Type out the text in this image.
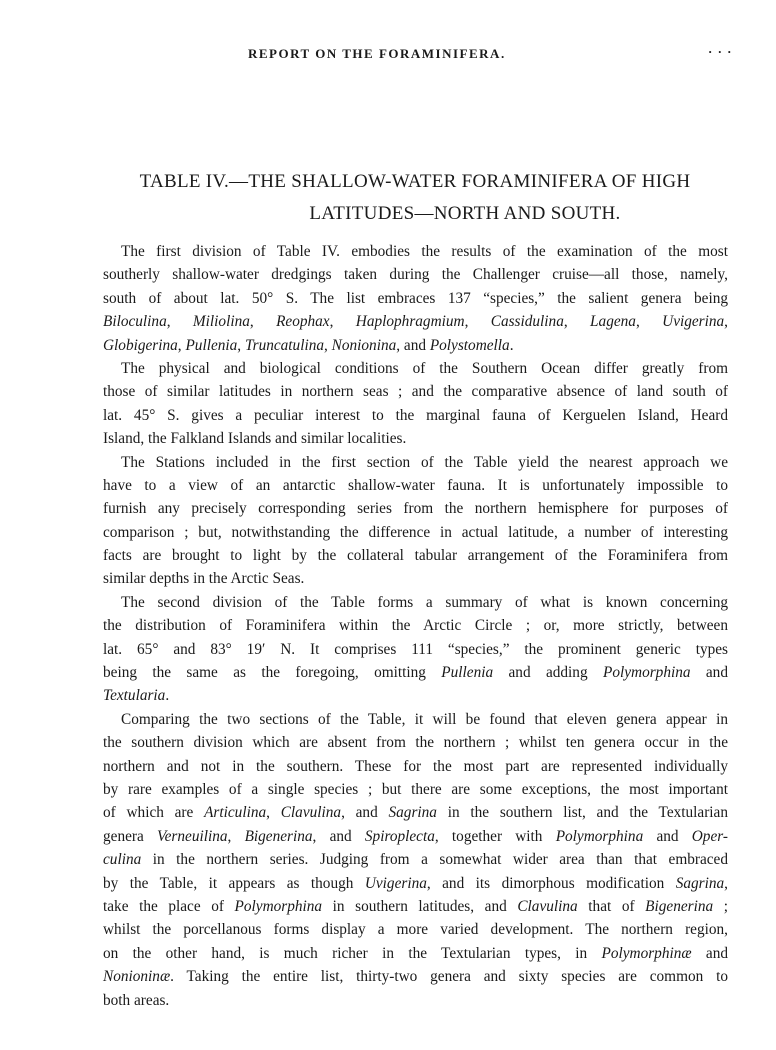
REPORT ON THE FORAMINIFERA.	· · ·
TABLE IV.—THE SHALLOW-WATER FORAMINIFERA OF HIGH
LATITUDES—NORTH AND SOUTH.
The first division of Table IV. embodies the results of the examination of the most
southerly shallow-water dredgings taken during the Challenger cruise—all those, namely,
south of about lat. 50° S. The list embraces 137 “species,” the salient genera being
Biloculina, Miliolina, Reophax, Haplophragmium, Cassidulina, Lagena, Uvigerina,
Globigerina, Pullenia, Truncatulina, Nonionina, and Polystomella.
The physical and biological conditions of the Southern Ocean differ greatly from
those of similar latitudes in northern seas ; and the comparative absence of land south of
lat. 45° S. gives a peculiar interest to the marginal fauna of Kerguelen Island, Heard
Island, the Falkland Islands and similar localities.
The Stations included in the first section of the Table yield the nearest approach we
have to a view of an antarctic shallow-water fauna. It is unfortunately impossible to
furnish any precisely corresponding series from the northern hemisphere for purposes of
comparison ; but, notwithstanding the difference in actual latitude, a number of interesting
facts are brought to light by the collateral tabular arrangement of the Foraminifera from
similar depths in the Arctic Seas.
The second division of the Table forms a summary of what is known concerning
the distribution of Foraminifera within the Arctic Circle ; or, more strictly, between
lat. 65° and 83° 19′ N. It comprises 111 “species,” the prominent generic types
being the same as the foregoing, omitting Pullenia and adding Polymorphina and
Textularia.
Comparing the two sections of the Table, it will be found that eleven genera appear in
the southern division which are absent from the northern ; whilst ten genera occur in the
northern and not in the southern. These for the most part are represented individually
by rare examples of a single species ; but there are some exceptions, the most important
of which are Articulina, Clavulina, and Sagrina in the southern list, and the Textularian
genera Verneuilina, Bigenerina, and Spiroplecta, together with Polymorphina and Oper-
culina in the northern series. Judging from a somewhat wider area than that embraced
by the Table, it appears as though Uvigerina, and its dimorphous modification Sagrina,
take the place of Polymorphina in southern latitudes, and Clavulina that of Bigenerina ;
whilst the porcellanous forms display a more varied development. The northern region,
on the other hand, is much richer in the Textularian types, in Polymorphinæ and
Nonioninæ. Taking the entire list, thirty-two genera and sixty species are common to
both areas.
